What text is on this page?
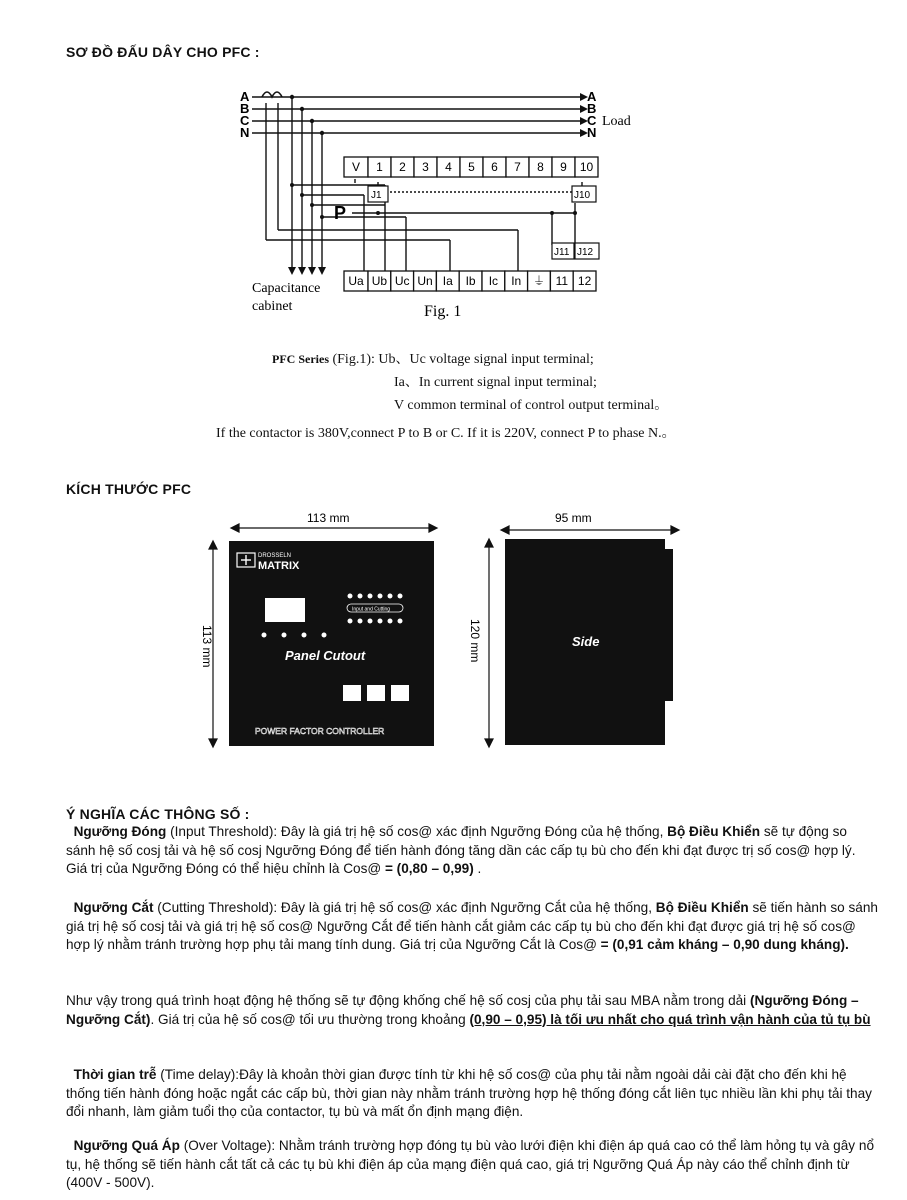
SƠ ĐỒ ĐẤU DÂY CHO PFC :
A
B
C
N
A
B
C
N
Load
V 1 2 3 4 5 6 7 8 9 10
Ua Ub Uc Un Ia Ib Ic In ⏚ 11 12
J1	J10
J11 J12
P
Capacitance
cabinet	Fig. 1
PFC Series (Fig.1): Ub、Uc voltage signal input terminal;
Ia、In current signal input terminal;
V common terminal of control output terminal。
If the contactor is 380V,connect P to B or C. If it is 220V, connect P to phase N.。
KÍCH THƯỚC PFC
113 mm	95 mm
113 mm	120 mm
DROSSELN
MATRIX
Input and Cutting
Panel Cutout
POWER FACTOR CONTROLLER
Side
Ý NGHĨA CÁC THÔNG SỐ :

Ngưỡng Đóng (Input Threshold): Đây là giá trị hệ số cos@ xác định Ngưỡng Đóng của hệ thống, Bộ Điều Khiển sẽ tự động so sánh hệ số cosj tải và hệ số cosj Ngưỡng Đóng để tiến hành đóng tăng dần các cấp tụ bù cho đến khi đạt được trị số cos@ hợp lý. Giá trị của Ngưỡng Đóng có thể hiệu chỉnh là Cos@ = (0,80 – 0,99) .

Ngưỡng Cắt (Cutting Threshold): Đây là giá trị hệ số cos@ xác định Ngưỡng Cắt của hệ thống, Bộ Điều Khiển sẽ tiến hành so sánh giá trị hệ số cosj tải và giá trị hệ số cos@ Ngưỡng Cắt để tiến hành cắt giảm các cấp tụ bù cho đến khi đạt được giá trị hệ số cos@ hợp lý nhằm tránh trường hợp phụ tải mang tính dung. Giá trị của Ngưỡng Cắt là Cos@ = (0,91 cảm kháng – 0,90 dung kháng).

Như vậy trong quá trình hoạt động hệ thống sẽ tự động khống chế hệ số cosj của phụ tải sau MBA nằm trong dải (Ngưỡng Đóng – Ngưỡng Cắt). Giá trị của hệ số cos@ tối ưu thường trong khoảng (0,90 – 0,95) là tối ưu nhất cho quá trình vận hành của tủ tụ bù

Thời gian trễ (Time delay):Đây là khoản thời gian được tính từ khi hệ số cos@ của phụ tải nằm ngoài dải cài đặt cho đến khi hệ thống tiến hành đóng hoặc ngắt các cấp bù, thời gian này nhằm tránh trường hợp hệ thống đóng cắt liên tục nhiều lần khi phụ tải thay đổi nhanh, làm giảm tuổi thọ của contactor, tụ bù và mất ổn định mạng điện.

Ngưỡng Quá Áp (Over Voltage): Nhằm tránh trường hợp đóng tụ bù vào lưới điện khi điện áp quá cao có thể làm hỏng tụ và gây nổ tụ, hệ thống sẽ tiến hành cắt tất cả các tụ bù khi điện áp của mạng điện quá cao, giá trị Ngưỡng Quá Áp này cáo thể chỉnh định từ (400V - 500V).
